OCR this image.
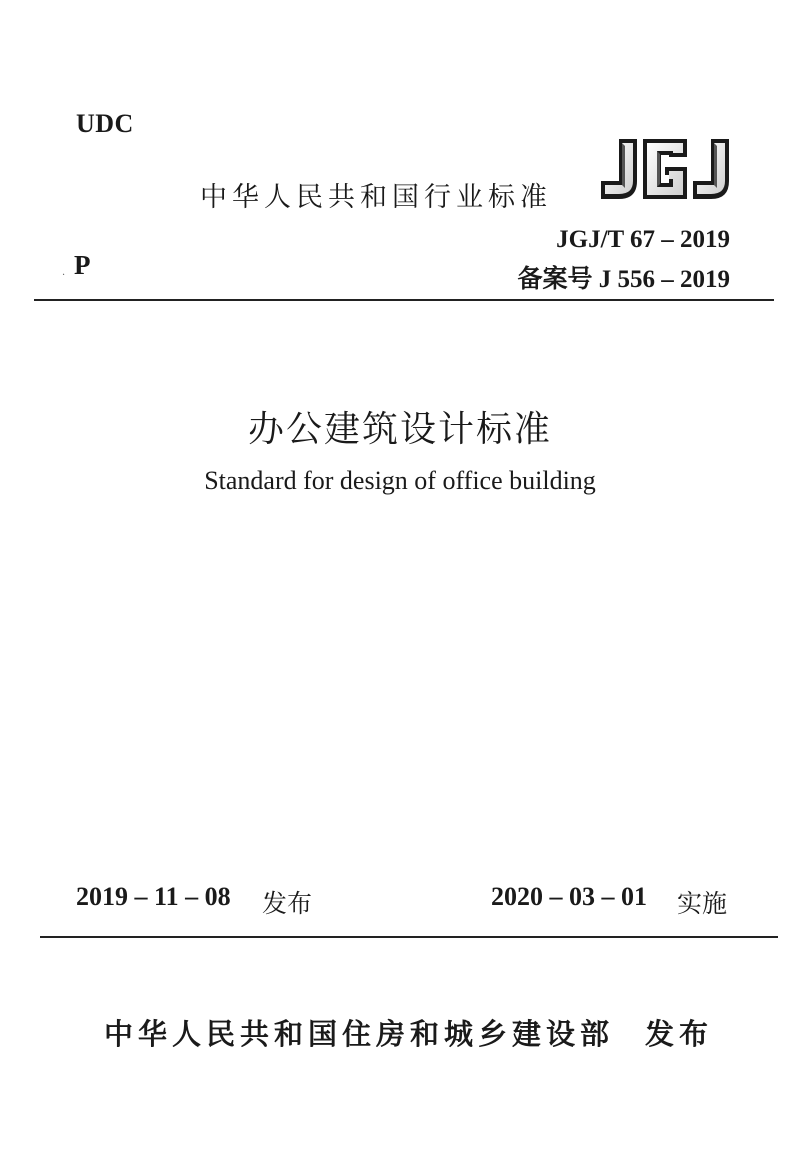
UDC
· P
中华人民共和国行业标准
JGJ/T 67 – 2019
备案号 J 556 – 2019
办公建筑设计标准
Standard for design of office building
2019 – 11 – 08 发布	2020 – 03 – 01 实施
中华人民共和国住房和城乡建设部 发布
